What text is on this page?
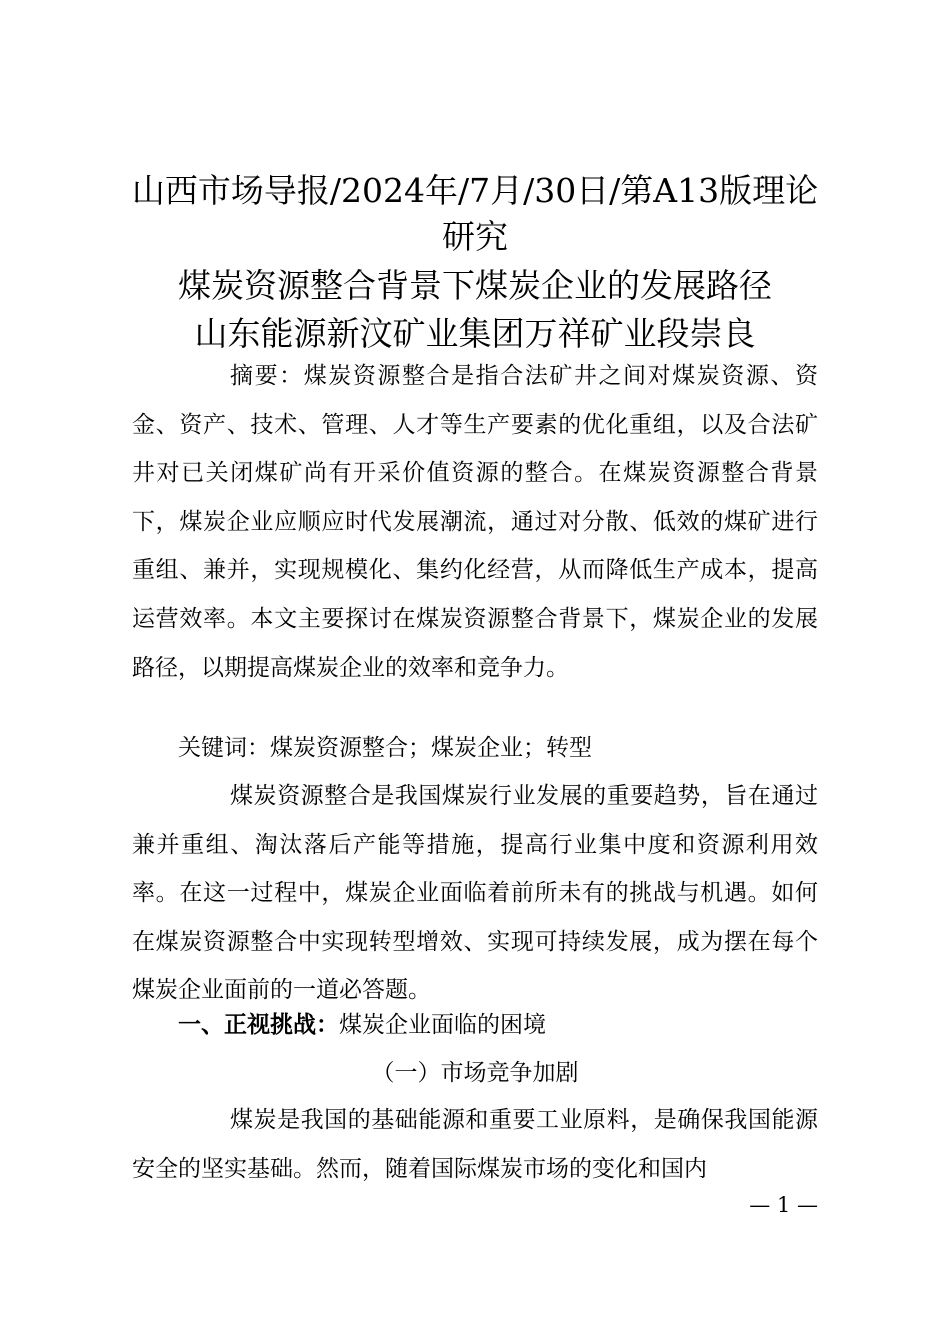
山西市场导报/2024年/7月/30日/第A13版理论研究
煤炭资源整合背景下煤炭企业的发展路径
山东能源新汶矿业集团万祥矿业段崇良
摘要：煤炭资源整合是指合法矿井之间对煤炭资源、资金、资产、技术、管理、人才等生产要素的优化重组，以及合法矿井对已关闭煤矿尚有开采价值资源的整合。在煤炭资源整合背景下，煤炭企业应顺应时代发展潮流，通过对分散、低效的煤矿进行重组、兼并，实现规模化、集约化经营，从而降低生产成本，提高运营效率。本文主要探讨在煤炭资源整合背景下，煤炭企业的发展路径，以期提高煤炭企业的效率和竞争力。
关键词：煤炭资源整合；煤炭企业；转型
煤炭资源整合是我国煤炭行业发展的重要趋势，旨在通过兼并重组、淘汰落后产能等措施，提高行业集中度和资源利用效率。在这一过程中，煤炭企业面临着前所未有的挑战与机遇。如何在煤炭资源整合中实现转型增效、实现可持续发展，成为摆在每个煤炭企业面前的一道必答题。
一、正视挑战：煤炭企业面临的困境
（一）市场竞争加剧
煤炭是我国的基础能源和重要工业原料，是确保我国能源安全的坚实基础。然而，随着国际煤炭市场的变化和国内
— 1 —
